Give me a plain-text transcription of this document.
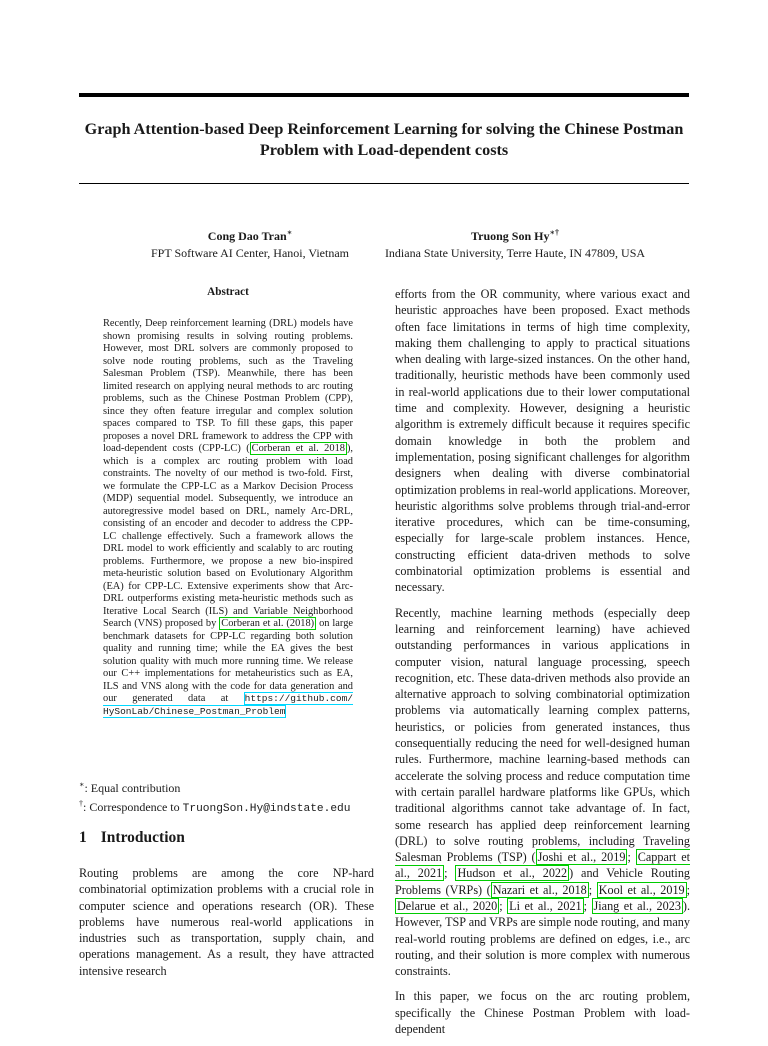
Graph Attention-based Deep Reinforcement Learning for solving the Chinese Postman Problem with Load-dependent costs
Cong Dao Tran∗
FPT Software AI Center, Hanoi, Vietnam
Truong Son Hy∗†
Indiana State University, Terre Haute, IN 47809, USA
Abstract

Recently, Deep reinforcement learning (DRL) models have shown promising results in solving routing problems. However, most DRL solvers are commonly proposed to solve node routing problems, such as the Traveling Salesman Problem (TSP). Meanwhile, there has been limited research on applying neural methods to arc routing problems, such as the Chinese Postman Problem (CPP), since they often feature irregular and complex solution spaces compared to TSP. To fill these gaps, this paper proposes a novel DRL framework to address the CPP with load-dependent costs (CPP-LC) ( Corberan et al. 2018 ), which is a complex arc routing problem with load constraints. The novelty of our method is two-fold. First, we formulate the CPP-LC as a Markov Decision Process (MDP) sequential model. Subsequently, we introduce an autoregressive model based on DRL, namely Arc-DRL, consisting of an encoder and decoder to address the CPP-LC challenge effectively. Such a framework allows the DRL model to work efficiently and scalably to arc routing problems. Furthermore, we propose a new bio-inspired meta-heuristic solution based on Evolutionary Algorithm (EA) for CPP-LC. Extensive experiments show that Arc-DRL outperforms existing meta-heuristic methods such as Iterative Local Search (ILS) and Variable Neighborhood Search (VNS) proposed by Corberan et al. (2018) on large benchmark datasets for CPP-LC regarding both solution quality and running time; while the EA gives the best solution quality with much more running time. We release our C++ implementations for metaheuristics such as EA, ILS and VNS along with the code for data generation and our generated data at https://github.com/ HySonLab/Chinese_Postman_Problem

∗: Equal contribution
†: Correspondence to TruongSon.Hy@indstate.edu
1 Introduction

Routing problems are among the core NP-hard combinatorial optimization problems with a crucial role in computer science and operations research (OR). These problems have numerous real-world applications in industries such as transportation, supply chain, and operations management. As a result, they have attracted intensive research

efforts from the OR community, where various exact and heuristic approaches have been proposed. Exact methods often face limitations in terms of high time complexity, making them challenging to apply to practical situations when dealing with large-sized instances. On the other hand, traditionally, heuristic methods have been commonly used in real-world applications due to their lower computational time and complexity. However, designing a heuristic algorithm is extremely difficult because it requires specific domain knowledge in both the problem and implementation, posing significant challenges for algorithm designers when dealing with diverse combinatorial optimization problems in real-world applications. Moreover, heuristic algorithms solve problems through trial-and-error iterative procedures, which can be time-consuming, especially for large-scale problem instances. Hence, constructing efficient data-driven methods to solve combinatorial optimization problems is essential and necessary.

Recently, machine learning methods (especially deep learning and reinforcement learning) have achieved outstanding performances in various applications in computer vision, natural language processing, speech recognition, etc. These data-driven methods also provide an alternative approach to solving combinatorial optimization problems via automatically learning complex patterns, heuristics, or policies from generated instances, thus consequentially reducing the need for well-designed human rules. Furthermore, machine learning-based methods can accelerate the solving process and reduce computation time with certain parallel hardware platforms like GPUs, which traditional algorithms cannot take advantage of. In fact, some research has applied deep reinforcement learning (DRL) to solve routing problems, including Traveling Salesman Problems (TSP) ( Joshi et al., 2019 ; Cappart et al., 2021 ; Hudson et al., 2022 ) and Vehicle Routing Problems (VRPs) ( Nazari et al., 2018 ; Kool et al., 2019 ; Delarue et al., 2020 ; Li et al., 2021 ; Jiang et al., 2023 ). However, TSP and VRPs are simple node routing, and many real-world routing problems are defined on edges, i.e., arc routing, and their solution is more complex with numerous constraints.

In this paper, we focus on the arc routing problem, specifically the Chinese Postman Problem with load-dependent
